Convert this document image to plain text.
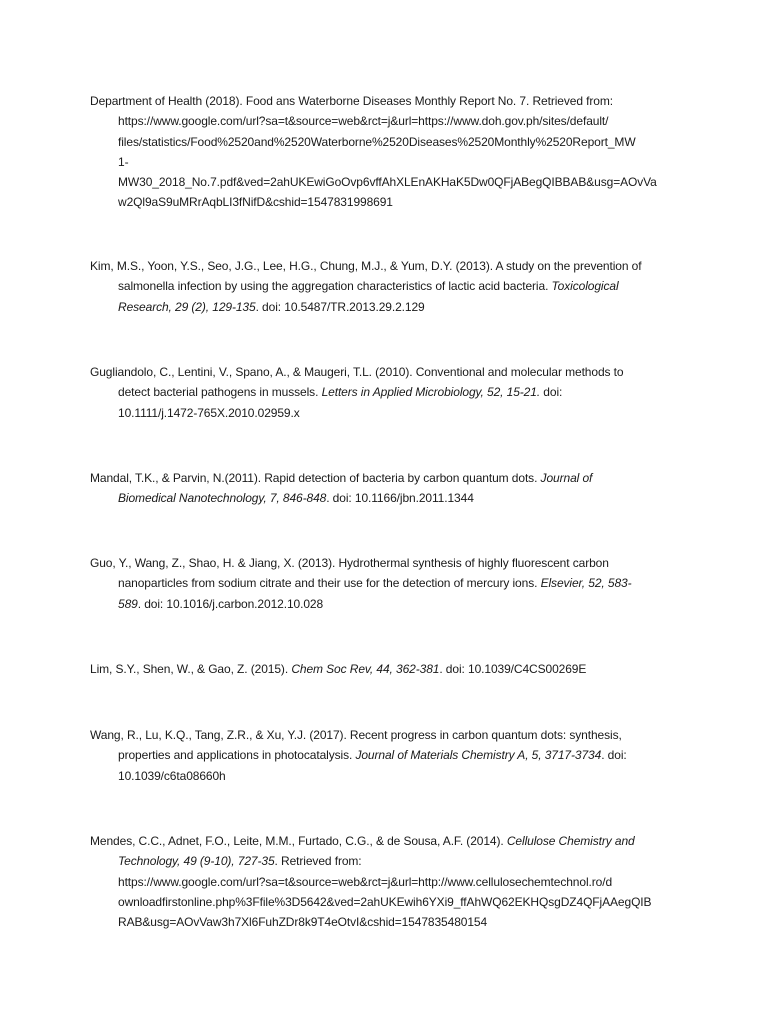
Department of Health (2018). Food ans Waterborne Diseases Monthly Report No. 7. Retrieved from:
https://www.google.com/url?sa=t&source=web&rct=j&url=https://www.doh.gov.ph/sites/default/
files/statistics/Food%2520and%2520Waterborne%2520Diseases%2520Monthly%2520Report_MW
1-
MW30_2018_No.7.pdf&ved=2ahUKEwiGoOvp6vffAhXLEnAKHaK5Dw0QFjABegQIBBAB&usg=AOvVa
w2Ql9aS9uMRrAqbLI3fNifD&cshid=1547831998691
Kim, M.S., Yoon, Y.S., Seo, J.G., Lee, H.G., Chung, M.J., & Yum, D.Y. (2013). A study on the prevention of
salmonella infection by using the aggregation characteristics of lactic acid bacteria. Toxicological
Research, 29 (2), 129-135. doi: 10.5487/TR.2013.29.2.129
Gugliandolo, C., Lentini, V., Spano, A., & Maugeri, T.L. (2010). Conventional and molecular methods to
detect bacterial pathogens in mussels. Letters in Applied Microbiology, 52, 15-21. doi:
10.1111/j.1472-765X.2010.02959.x
Mandal, T.K., & Parvin, N.(2011). Rapid detection of bacteria by carbon quantum dots. Journal of
Biomedical Nanotechnology, 7, 846-848. doi: 10.1166/jbn.2011.1344
Guo, Y., Wang, Z., Shao, H. & Jiang, X. (2013). Hydrothermal synthesis of highly fluorescent carbon
nanoparticles from sodium citrate and their use for the detection of mercury ions. Elsevier, 52, 583-
589. doi: 10.1016/j.carbon.2012.10.028
Lim, S.Y., Shen, W., & Gao, Z. (2015). Chem Soc Rev, 44, 362-381. doi: 10.1039/C4CS00269E
Wang, R., Lu, K.Q., Tang, Z.R., & Xu, Y.J. (2017). Recent progress in carbon quantum dots: synthesis,
properties and applications in photocatalysis. Journal of Materials Chemistry A, 5, 3717-3734. doi:
10.1039/c6ta08660h
Mendes, C.C., Adnet, F.O., Leite, M.M., Furtado, C.G., & de Sousa, A.F. (2014). Cellulose Chemistry and
Technology, 49 (9-10), 727-35. Retrieved from:
https://www.google.com/url?sa=t&source=web&rct=j&url=http://www.cellulosechemtechnol.ro/d
ownloadfirstonline.php%3Ffile%3D5642&ved=2ahUKEwih6YXi9_ffAhWQ62EKHQsgDZ4QFjAAegQIB
RAB&usg=AOvVaw3h7Xl6FuhZDr8k9T4eOtvI&cshid=1547835480154
